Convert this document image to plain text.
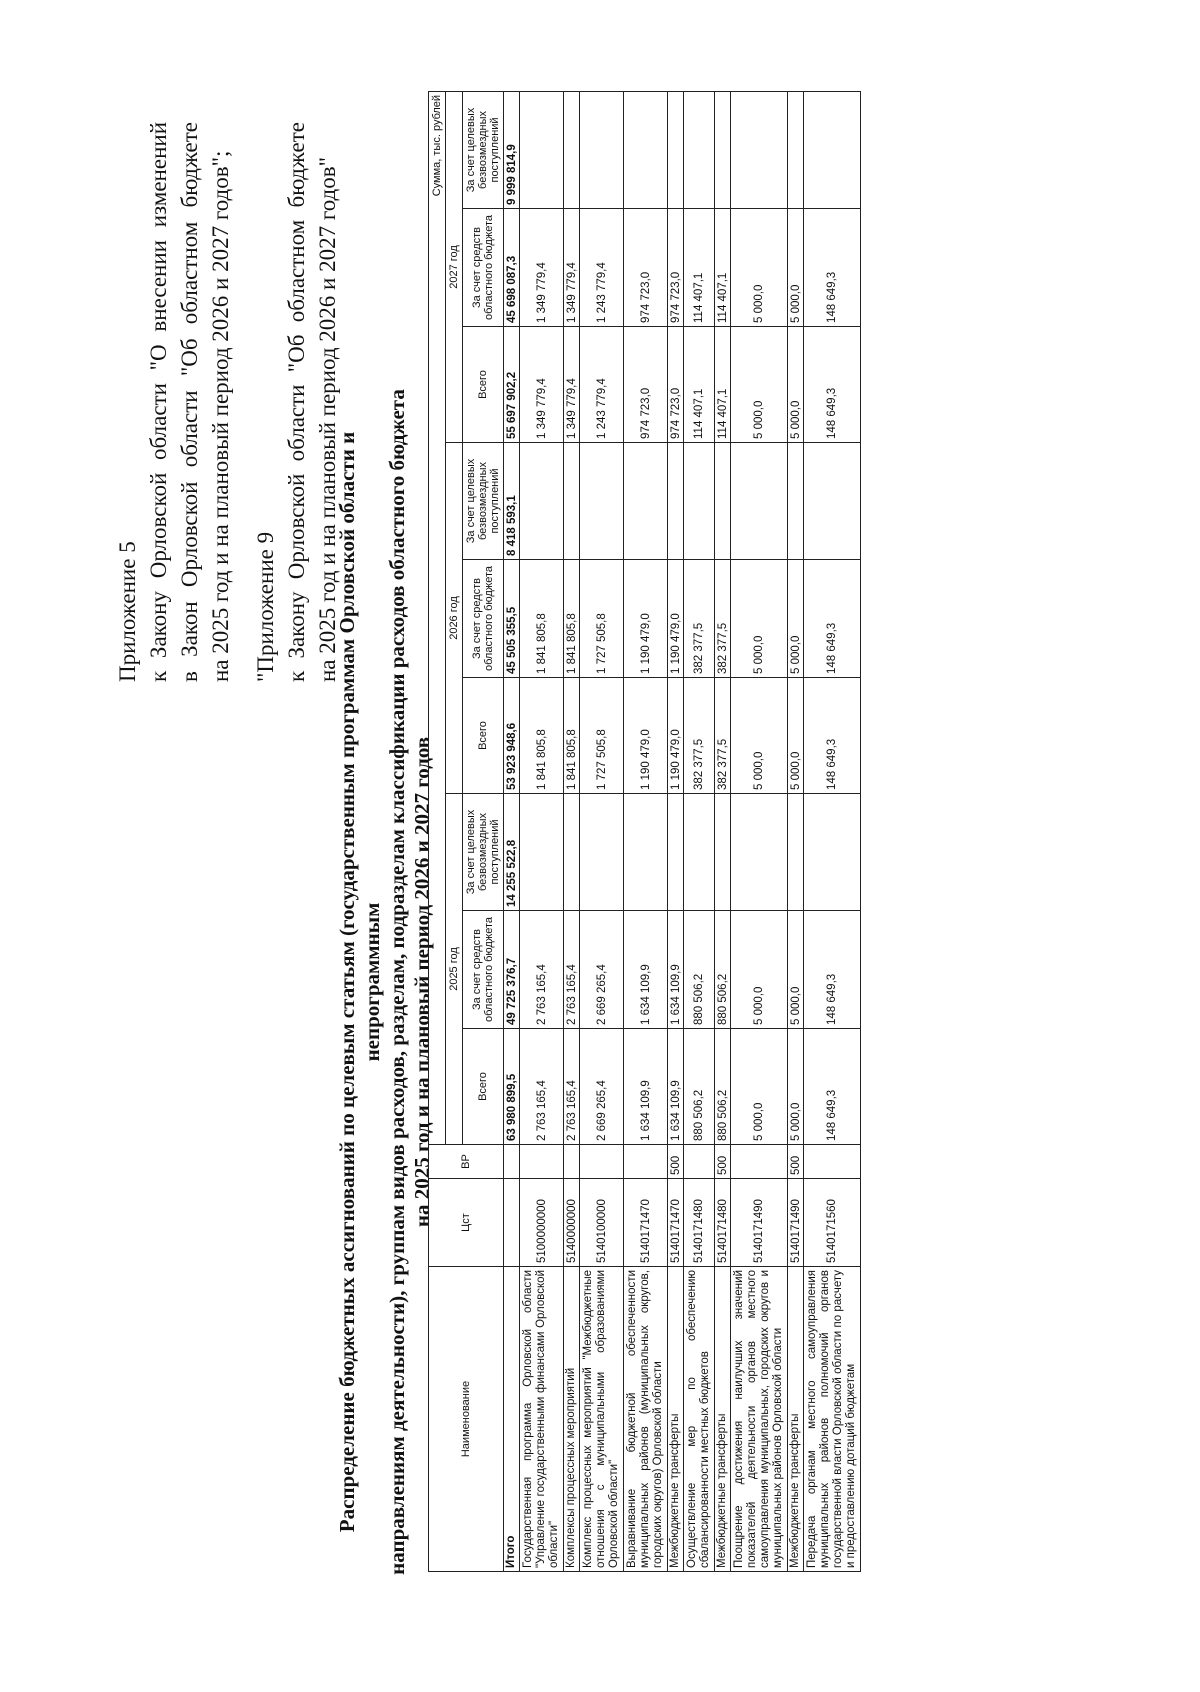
Приложение 5 к Закону Орловской области "О внесении изменений в Закон Орловской области "Об областном бюджете на 2025 год и на плановый период 2026 и 2027 годов"; "Приложение 9 к Закону Орловской области "Об областном бюджете на 2025 год и на плановый период 2026 и 2027 годов"
Распределение бюджетных ассигнований по целевым статьям (государственным программам Орловской области и непрограммным направлениям деятельности), группам видов расходов, разделам, подразделам классификации расходов областного бюджета на 2025 год и на плановый период 2026 и 2027 годов
Наименование	Цст	ВР	Сумма, тыс. рублей								
			2025 год			2026 год			2027 год		
			Всего	За счет средств областного бюджета	За счет целевых безвозмездных поступлений	Всего	За счет средств областного бюджета	За счет целевых безвозмездных поступлений	Всего	За счет средств областного бюджета	За счет целевых безвозмездных поступлений
Итого			63 980 899,5	49 725 376,7	14 255 522,8	53 923 948,6	45 505 355,5	8 418 593,1	55 697 902,2	45 698 087,3	9 999 814,9
Государственная программа Орловской области "Управление государственными финансами Орловской области"	5100000000		2 763 165,4	2 763 165,4		1 841 805,8	1 841 805,8		1 349 779,4	1 349 779,4	
Комплексы процессных мероприятий	5140000000		2 763 165,4	2 763 165,4		1 841 805,8	1 841 805,8		1 349 779,4	1 349 779,4	
Комплекс процессных мероприятий "Межбюджетные отношения с муниципальными образованиями Орловской области"	5140100000		2 669 265,4	2 669 265,4		1 727 505,8	1 727 505,8		1 243 779,4	1 243 779,4	
Выравнивание бюджетной обеспеченности муниципальных районов (муниципальных округов, городских округов) Орловской области	5140171470		1 634 109,9	1 634 109,9		1 190 479,0	1 190 479,0		974 723,0	974 723,0	
Межбюджетные трансферты	5140171470	500	1 634 109,9	1 634 109,9		1 190 479,0	1 190 479,0		974 723,0	974 723,0	
Осуществление мер по обеспечению сбалансированности местных бюджетов	5140171480		880 506,2	880 506,2		382 377,5	382 377,5		114 407,1	114 407,1	
Межбюджетные трансферты	5140171480	500	880 506,2	880 506,2		382 377,5	382 377,5		114 407,1	114 407,1	
Поощрение достижения наилучших значений показателей деятельности органов местного самоуправления муниципальных, городских округов и муниципальных районов Орловской области	5140171490		5 000,0	5 000,0		5 000,0	5 000,0		5 000,0	5 000,0	
Межбюджетные трансферты	5140171490	500	5 000,0	5 000,0		5 000,0	5 000,0		5 000,0	5 000,0	
Передача органам местного самоуправления муниципальных районов полномочий органов государственной власти Орловской области по расчету и предоставлению дотаций бюджетам	5140171560		148 649,3	148 649,3		148 649,3	148 649,3		148 649,3	148 649,3	
